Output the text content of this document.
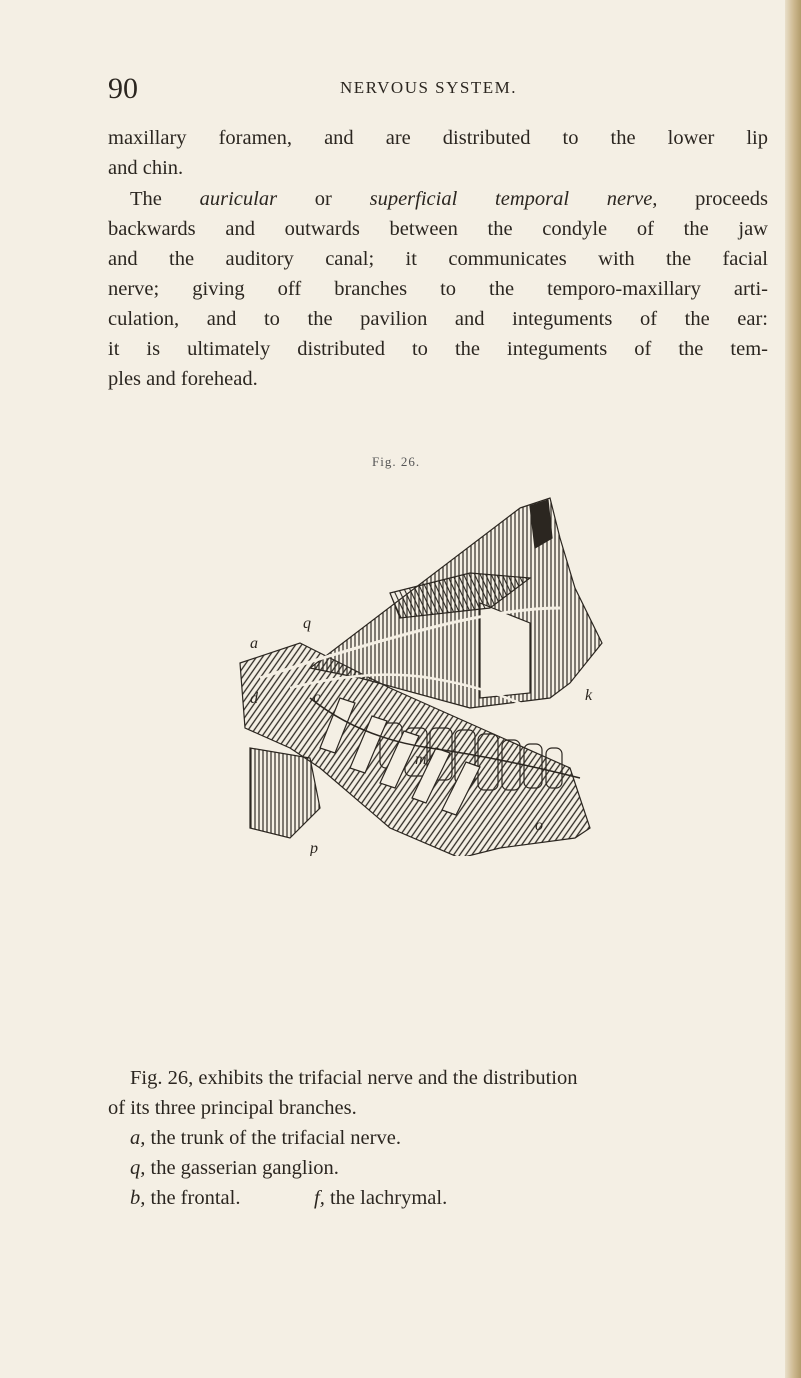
90	NERVOUS SYSTEM.
maxillary foramen, and are distributed to the lower lip
and chin.
The auricular or superficial temporal nerve, proceeds
backwards and outwards between the condyle of the jaw
and the auditory canal; it communicates with the facial
nerve; giving off branches to the temporo-maxillary arti-
culation, and to the pavilion and integuments of the ear:
it is ultimately distributed to the integuments of the tem-
ples and forehead.
Fig. 26.
q
a
d	c	k
m
o
p
Fig. 26, exhibits the trifacial nerve and the distribution
of its three principal branches.
a, the trunk of the trifacial nerve.
q, the gasserian ganglion.
b, the frontal.	f, the lachrymal.
